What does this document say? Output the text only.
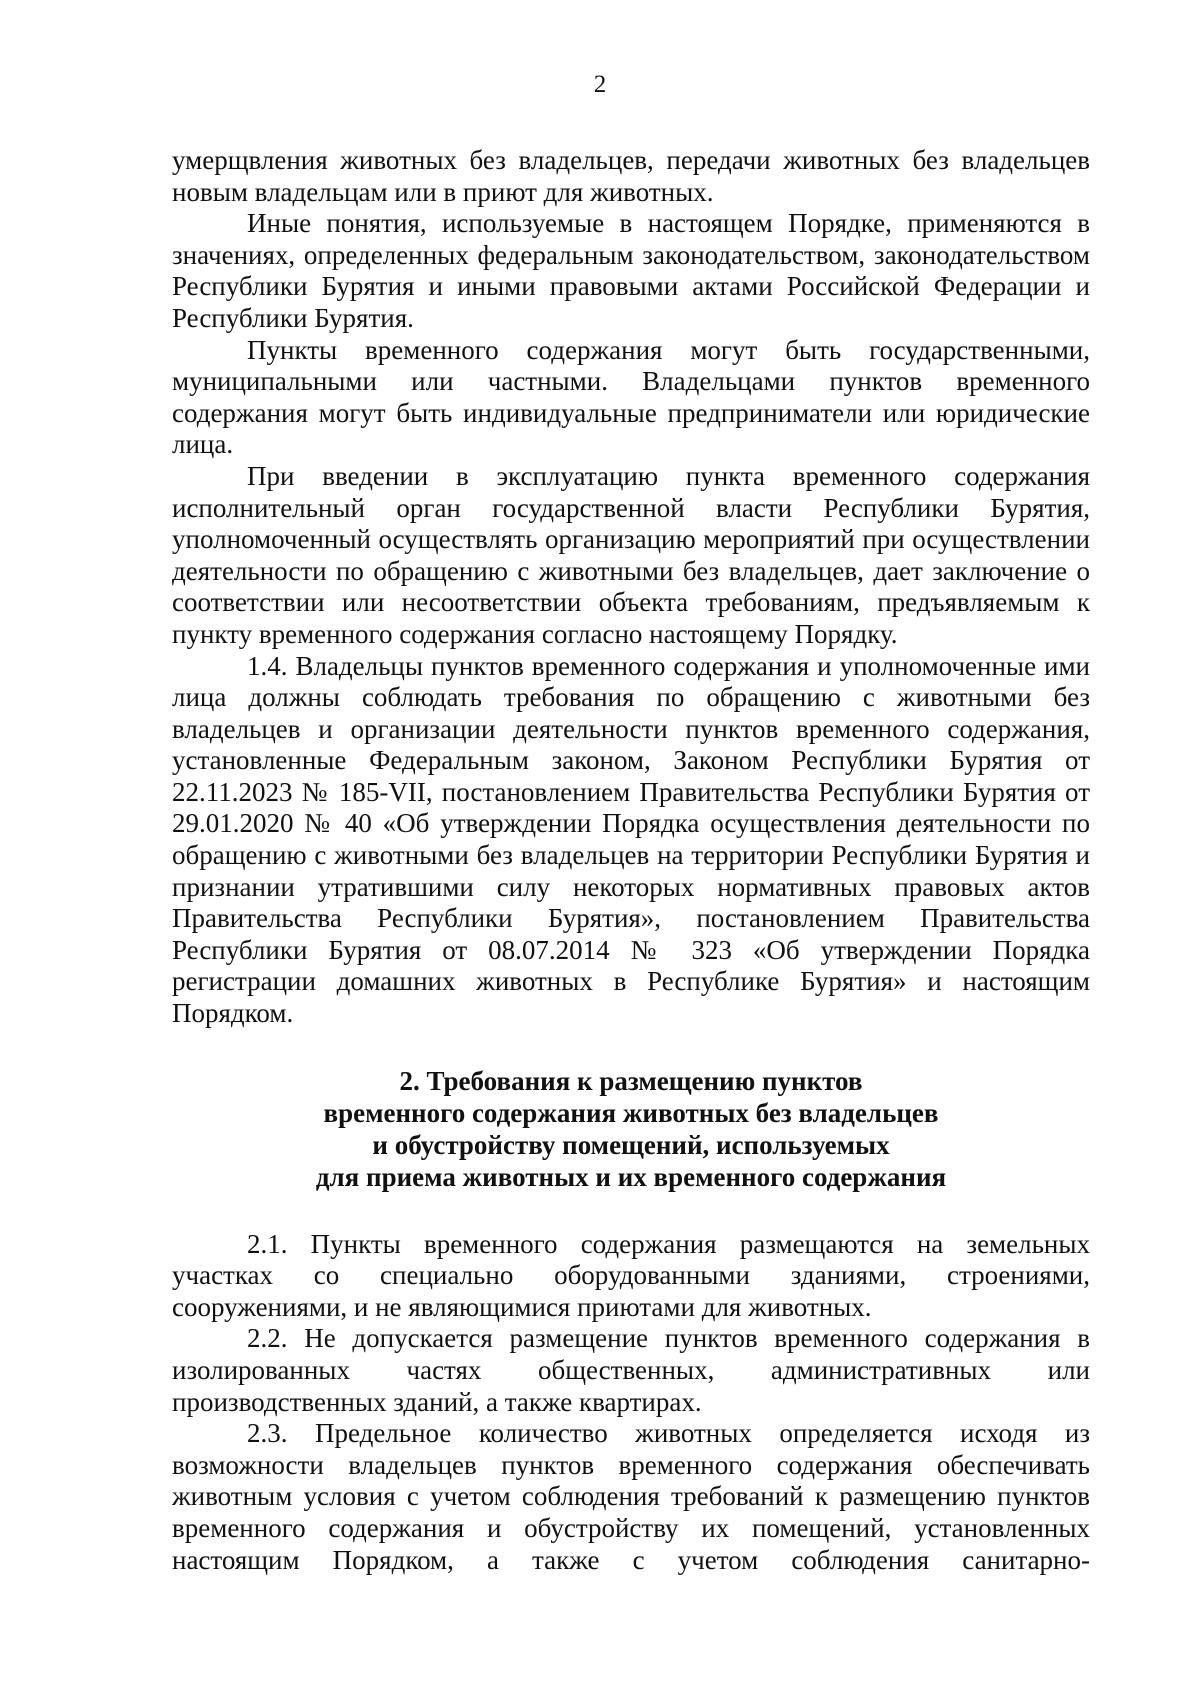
2

умерщвления животных без владельцев, передачи животных без владельцев новым владельцам или в приют для животных.

Иные понятия, используемые в настоящем Порядке, применяются в значениях, определенных федеральным законодательством, законодательством Республики Бурятия и иными правовыми актами Российской Федерации и Республики Бурятия.

Пункты временного содержания могут быть государственными, муниципальными или частными. Владельцами пунктов временного содержания могут быть индивидуальные предприниматели или юридические лица.

При введении в эксплуатацию пункта временного содержания исполнительный орган государственной власти Республики Бурятия, уполномоченный осуществлять организацию мероприятий при осуществлении деятельности по обращению с животными без владельцев, дает заключение о соответствии или несоответствии объекта требованиям, предъявляемым к пункту временного содержания согласно настоящему Порядку.

1.4. Владельцы пунктов временного содержания и уполномоченные ими лица должны соблюдать требования по обращению с животными без владельцев и организации деятельности пунктов временного содержания, установленные Федеральным законом, Законом Республики Бурятия от 22.11.2023 № 185-VII, постановлением Правительства Республики Бурятия от 29.01.2020 № 40 «Об утверждении Порядка осуществления деятельности по обращению с животными без владельцев на территории Республики Бурятия и признании утратившими силу некоторых нормативных правовых актов Правительства Республики Бурятия», постановлением Правительства Республики Бурятия от 08.07.2014 № 323 «Об утверждении Порядка регистрации домашних животных в Республике Бурятия» и настоящим Порядком.

2. Требования к размещению пунктов
временного содержания животных без владельцев
и обустройству помещений, используемых
для приема животных и их временного содержания

2.1. Пункты временного содержания размещаются на земельных участках со специально оборудованными зданиями, строениями, сооружениями, и не являющимися приютами для животных.

2.2. Не допускается размещение пунктов временного содержания в изолированных частях общественных, административных или производственных зданий, а также квартирах.

2.3. Предельное количество животных определяется исходя из возможности владельцев пунктов временного содержания обеспечивать животным условия с учетом соблюдения требований к размещению пунктов временного содержания и обустройству их помещений, установленных настоящим Порядком, а также с учетом соблюдения санитарно-
